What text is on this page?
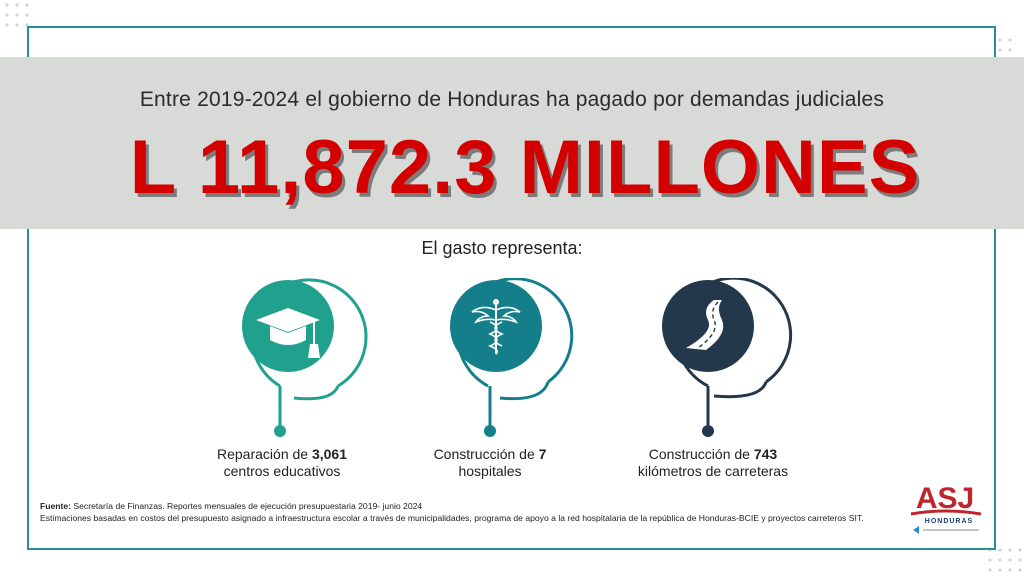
Entre 2019-2024 el gobierno de Honduras ha pagado por demandas judiciales
L 11,872.3 MILLONES
El gasto representa:
Reparación de 3,061
centros educativos
Construcción de 7
hospitales
Construcción de 743
kilómetros de carreteras
Fuente: Secretaría de Finanzas. Reportes mensuales de ejecución presupuestaria 2019- junio 2024
Estimaciones basadas en costos del presupuesto asignado a infraestructura escolar a través de municipalidades, programa de apoyo a la red hospitalaria de la república de Honduras-BCIE y proyectos carreteros SIT.
ASJ
HONDURAS
